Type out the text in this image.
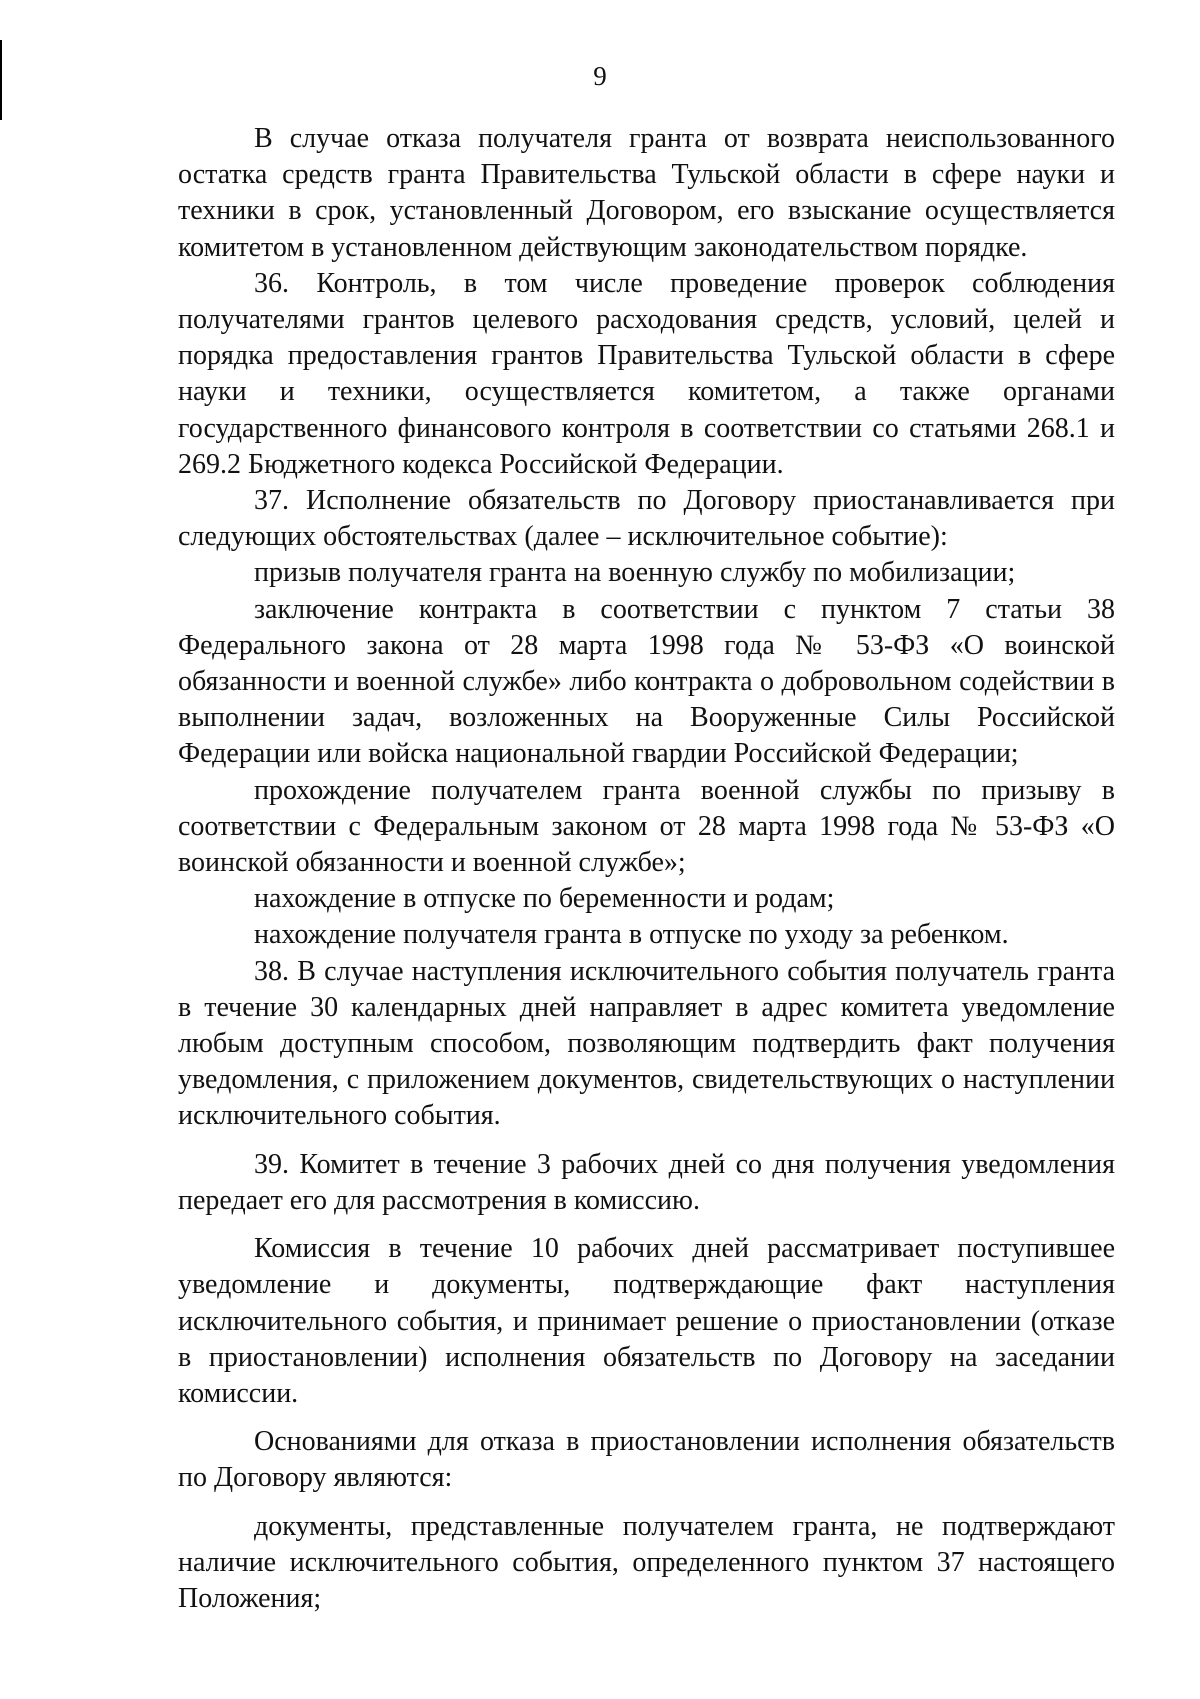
9

В случае отказа получателя гранта от возврата неиспользованного остатка средств гранта Правительства Тульской области в сфере науки и техники в срок, установленный Договором, его взыскание осуществляется комитетом в установленном действующим законодательством порядке.

36. Контроль, в том числе проведение проверок соблюдения получателями грантов целевого расходования средств, условий, целей и порядка предоставления грантов Правительства Тульской области в сфере науки и техники, осуществляется комитетом, а также органами государственного финансового контроля в соответствии со статьями 268.1 и 269.2 Бюджетного кодекса Российской Федерации.

37. Исполнение обязательств по Договору приостанавливается при следующих обстоятельствах (далее – исключительное событие):

призыв получателя гранта на военную службу по мобилизации;

заключение контракта в соответствии с пунктом 7 статьи 38 Федерального закона от 28 марта 1998 года № 53-ФЗ «О воинской обязанности и военной службе» либо контракта о добровольном содействии в выполнении задач, возложенных на Вооруженные Силы Российской Федерации или войска национальной гвардии Российской Федерации;

прохождение получателем гранта военной службы по призыву в соответствии с Федеральным законом от 28 марта 1998 года № 53-ФЗ «О воинской обязанности и военной службе»;

нахождение в отпуске по беременности и родам;

нахождение получателя гранта в отпуске по уходу за ребенком.

38. В случае наступления исключительного события получатель гранта в течение 30 календарных дней направляет в адрес комитета уведомление любым доступным способом, позволяющим подтвердить факт получения уведомления, с приложением документов, свидетельствующих о наступлении исключительного события.

39. Комитет в течение 3 рабочих дней со дня получения уведомления передает его для рассмотрения в комиссию.

Комиссия в течение 10 рабочих дней рассматривает поступившее уведомление и документы, подтверждающие факт наступления исключительного события, и принимает решение о приостановлении (отказе в приостановлении) исполнения обязательств по Договору на заседании комиссии.

Основаниями для отказа в приостановлении исполнения обязательств по Договору являются:

документы, представленные получателем гранта, не подтверждают наличие исключительного события, определенного пунктом 37 настоящего Положения;
